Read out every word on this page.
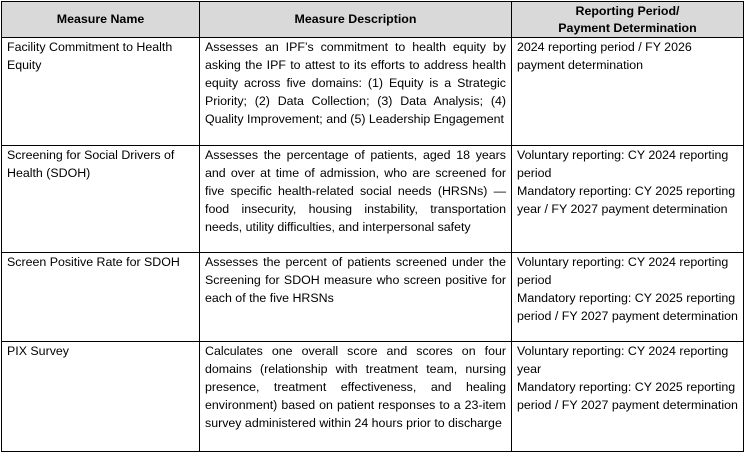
Measure Name	Measure Description	Reporting Period/
Payment Determination

Facility Commitment to Health Equity	Assesses an IPF’s commitment to health equity by asking the IPF to attest to its efforts to address health equity across five domains: (1) Equity is a Strategic Priority; (2) Data Collection; (3) Data Analysis; (4) Quality Improvement; and (5) Leadership Engagement	2024 reporting period / FY 2026 payment determination

Screening for Social Drivers of Health (SDOH)	Assesses the percentage of patients, aged 18 years and over at time of admission, who are screened for five specific health-related social needs (HRSNs) — food insecurity, housing instability, transportation needs, utility difficulties, and interpersonal safety	Voluntary reporting: CY 2024 reporting period
Mandatory reporting: CY 2025 reporting year / FY 2027 payment determination

Screen Positive Rate for SDOH	Assesses the percent of patients screened under the Screening for SDOH measure who screen positive for each of the five HRSNs	Voluntary reporting: CY 2024 reporting period
Mandatory reporting: CY 2025 reporting period / FY 2027 payment determination

PIX Survey	Calculates one overall score and scores on four domains (relationship with treatment team, nursing presence, treatment effectiveness, and healing environment) based on patient responses to a 23-item survey administered within 24 hours prior to discharge	Voluntary reporting: CY 2024 reporting year
Mandatory reporting: CY 2025 reporting period / FY 2027 payment determination
